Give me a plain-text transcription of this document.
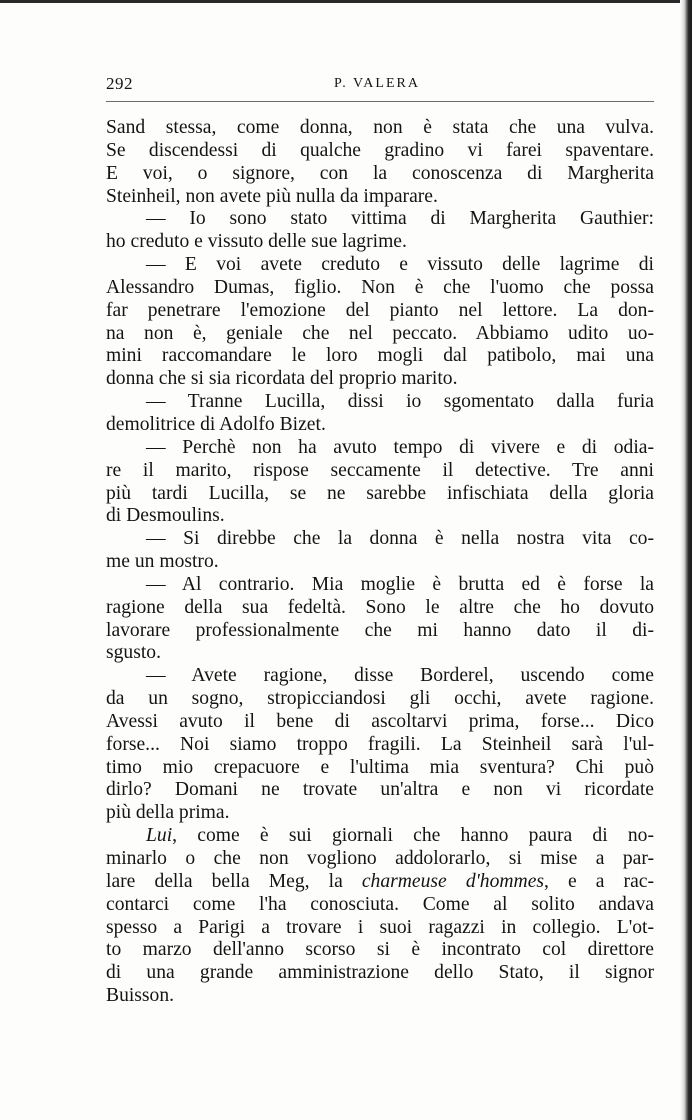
292	P. VALERA
Sand stessa, come donna, non è stata che una vulva.
Se discendessi di qualche gradino vi farei spaventare.
E voi, o signore, con la conoscenza di Margherita
Steinheil, non avete più nulla da imparare.
— Io sono stato vittima di Margherita Gauthier:
ho creduto e vissuto delle sue lagrime.
— E voi avete creduto e vissuto delle lagrime di
Alessandro Dumas, figlio. Non è che l'uomo che possa
far penetrare l'emozione del pianto nel lettore. La don-
na non è, geniale che nel peccato. Abbiamo udito uo-
mini raccomandare le loro mogli dal patibolo, mai una
donna che si sia ricordata del proprio marito.
— Tranne Lucilla, dissi io sgomentato dalla furia
demolitrice di Adolfo Bizet.
— Perchè non ha avuto tempo di vivere e di odia-
re il marito, rispose seccamente il detective. Tre anni
più tardi Lucilla, se ne sarebbe infischiata della gloria
di Desmoulins.
— Si direbbe che la donna è nella nostra vita co-
me un mostro.
— Al contrario. Mia moglie è brutta ed è forse la
ragione della sua fedeltà. Sono le altre che ho dovuto
lavorare professionalmente che mi hanno dato il di-
sgusto.
— Avete ragione, disse Borderel, uscendo come
da un sogno, stropicciandosi gli occhi, avete ragione.
Avessi avuto il bene di ascoltarvi prima, forse... Dico
forse... Noi siamo troppo fragili. La Steinheil sarà l'ul-
timo mio crepacuore e l'ultima mia sventura? Chi può
dirlo? Domani ne trovate un'altra e non vi ricordate
più della prima.
Lui, come è sui giornali che hanno paura di no-
minarlo o che non vogliono addolorarlo, si mise a par-
lare della bella Meg, la charmeuse d'hommes, e a rac-
contarci come l'ha conosciuta. Come al solito andava
spesso a Parigi a trovare i suoi ragazzi in collegio. L'ot-
to marzo dell'anno scorso si è incontrato col direttore
di una grande amministrazione dello Stato, il signor
Buisson.
